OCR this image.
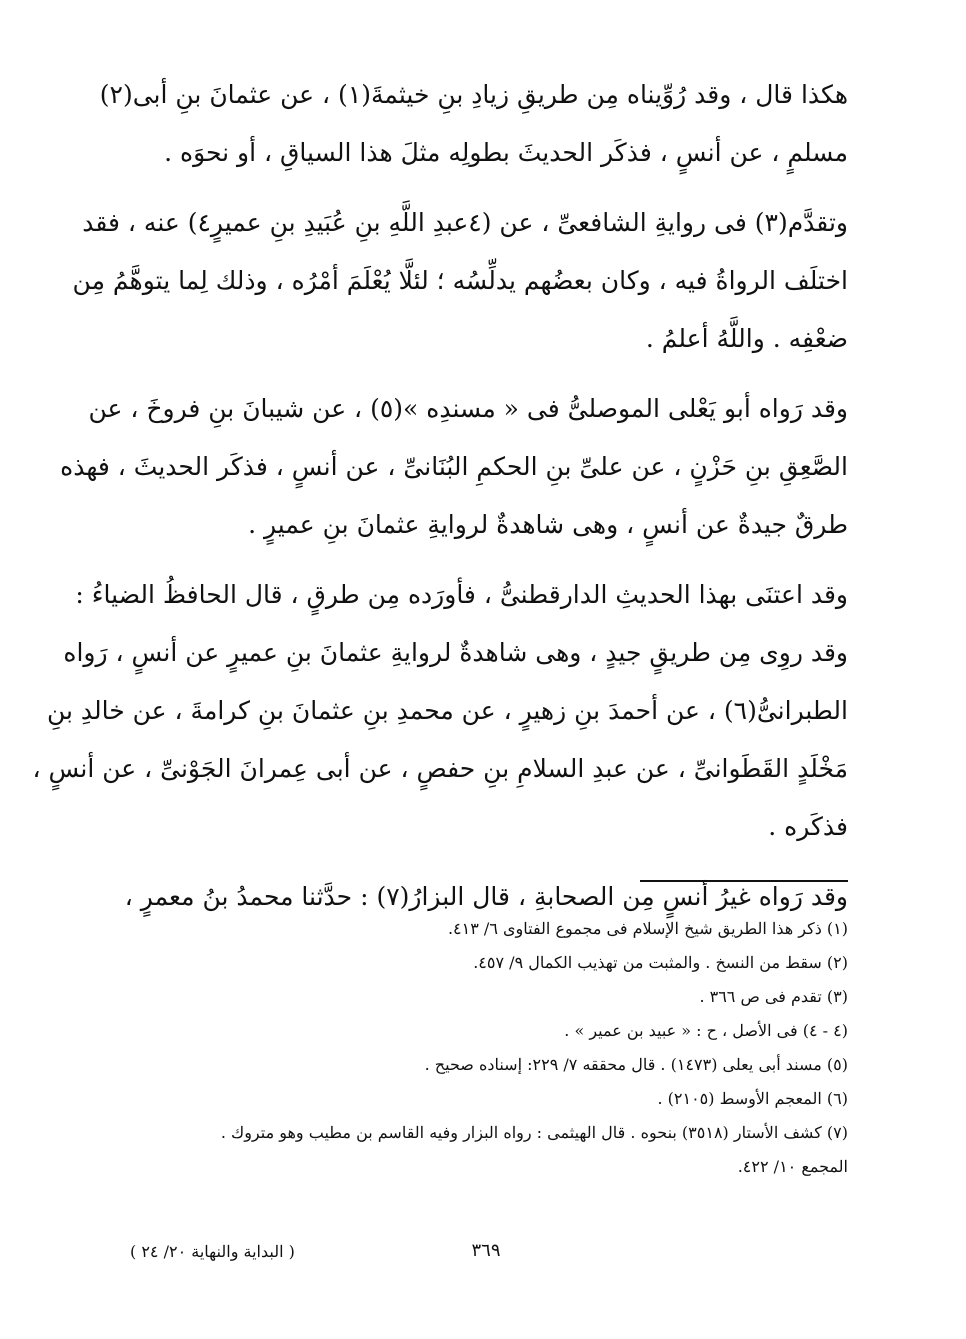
هكذا قال ، وقد رُوِّيناه مِن طريقِ زيادِ بنِ خيثمةَ(١) ، عن عثمانَ بنِ أبى(٢)
مسلمٍ ، عن أنسٍ ، فذكَر الحديثَ بطولِه مثلَ هذا السياقِ ، أو نحوَه .
وتقدَّم(٣) فى روايةِ الشافعىِّ ، عن (٤عبدِ اللَّهِ بنِ عُبَيدِ بنِ عميرٍ٤) عنه ، فقد
اختلَف الرواةُ فيه ، وكان بعضُهم يدلِّسُه ؛ لئلَّا يُعْلَمَ أمْرُه ، وذلك لِما يتوهَّمُ مِن
ضعْفِه . واللَّهُ أعلمُ .
وقد رَواه أبو يَعْلى الموصلىُّ فى « مسندِه »(٥) ، عن شيبانَ بنِ فروخَ ، عن
الصَّعِقِ بنِ حَزْنٍ ، عن علىِّ بنِ الحكمِ البُنَانىِّ ، عن أنسٍ ، فذكَر الحديثَ ، فهذه
طرقٌ جيدةٌ عن أنسٍ ، وهى شاهدةٌ لروايةِ عثمانَ بنِ عميرٍ .
وقد اعتنَى بهذا الحديثِ الدارقطنىُّ ، فأورَده مِن طرقٍ ، قال الحافظُ الضياءُ :
وقد روِى مِن طريقٍ جيدٍ ، وهى شاهدةٌ لروايةِ عثمانَ بنِ عميرٍ عن أنسٍ ، رَواه
الطبرانىُّ(٦) ، عن أحمدَ بنِ زهيرٍ ، عن محمدِ بنِ عثمانَ بنِ كرامةَ ، عن خالدِ بنِ
مَخْلَدٍ القَطَوانىِّ ، عن عبدِ السلامِ بنِ حفصٍ ، عن أبى عِمرانَ الجَوْنىِّ ، عن أنسٍ ،
فذكَره .
وقد رَواه غيرُ أنسٍ مِن الصحابةِ ، قال البزارُ(٧) : حدَّثنا محمدُ بنُ معمرٍ ،
(١) ذكر هذا الطريق شيخ الإسلام فى مجموع الفتاوى ٦/ ٤١٣.
(٢) سقط من النسخ . والمثبت من تهذيب الكمال ٩/ ٤٥٧.
(٣) تقدم فى ص ٣٦٦ .
(٤ - ٤) فى الأصل ، ح : « عبيد بن عمير » .
(٥) مسند أبى يعلى (١٤٧٣) . قال محققه ٧/ ٢٢٩: إسناده صحيح .
(٦) المعجم الأوسط (٢١٠٥) .
(٧) كشف الأستار (٣٥١٨) بنحوه . قال الهيثمى : رواه البزار وفيه القاسم بن مطيب وهو متروك .
المجمع ١٠/ ٤٢٢.
٣٦٩
( البداية والنهاية ٢٠/ ٢٤ )
